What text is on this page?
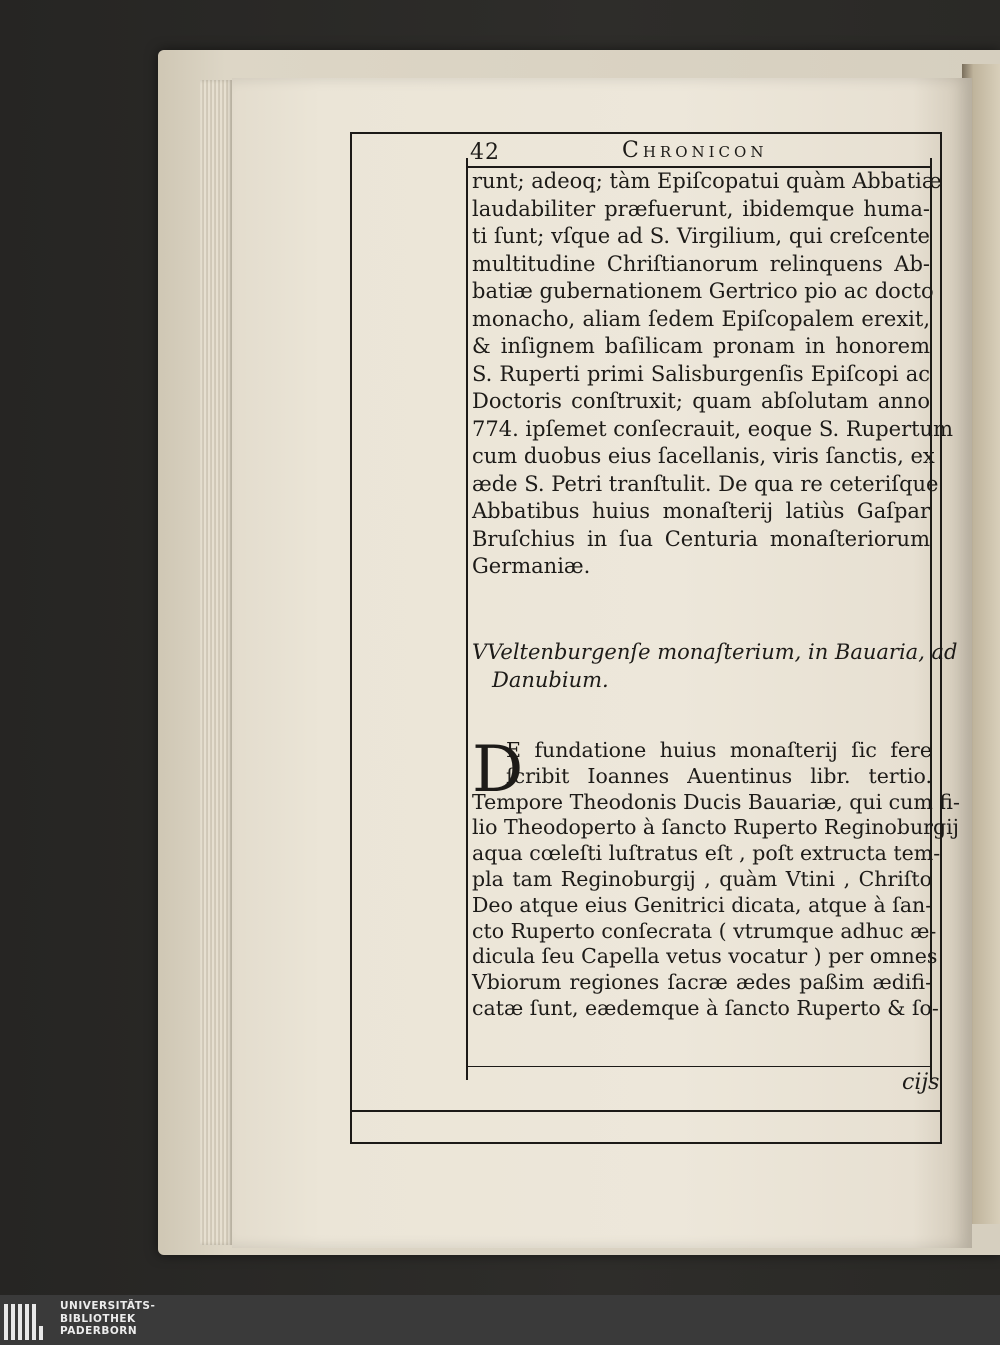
42	Chronicon
runt; adeoq; tàm Epiſcopatui quàm Abbatiæ
laudabiliter præfuerunt, ibidemque huma-
ti ſunt; vſque ad S. Virgilium, qui creſcente
multitudine Chriſtianorum relinquens Ab-
batiæ gubernationem Gertrico pio ac docto
monacho, aliam ſedem Epiſcopalem erexit,
& inſignem baſilicam pronam in honorem
S. Ruperti primi Salisburgenſis Epiſcopi ac
Doctoris conſtruxit; quam abſolutam anno
774. ipſemet conſecrauit, eoque S. Rupertum
cum duobus eius ſacellanis, viris ſanctis, ex
æde S. Petri tranſtulit. De qua re ceteriſque
Abbatibus huius monaſterij latiùs Gaſpar
Bruſchius in ſua Centuria monaſteriorum
Germaniæ.
VVeltenburgenſe monaſterium, in Bauaria, ad
Danubium.
D
E fundatione huius monaſterij ſic fere
ſcribit Ioannes Auentinus libr. tertio.
Tempore Theodonis Ducis Bauariæ, qui cum fi-
lio Theodoperto à ſancto Ruperto Reginoburgij
aqua cœleſti luſtratus eſt , poſt extructa tem-
pla tam Reginoburgij , quàm Vtini , Chriſto
Deo atque eius Genitrici dicata, atque à ſan-
cto Ruperto conſecrata ( vtrumque adhuc æ-
dicula ſeu Capella vetus vocatur ) per omnes
Vbiorum regiones ſacræ ædes paßim ædifi-
catæ ſunt, eædemque à ſancto Ruperto & ſo-
cijs
UNIVERSITÄTS-
BIBLIOTHEK
PADERBORN
